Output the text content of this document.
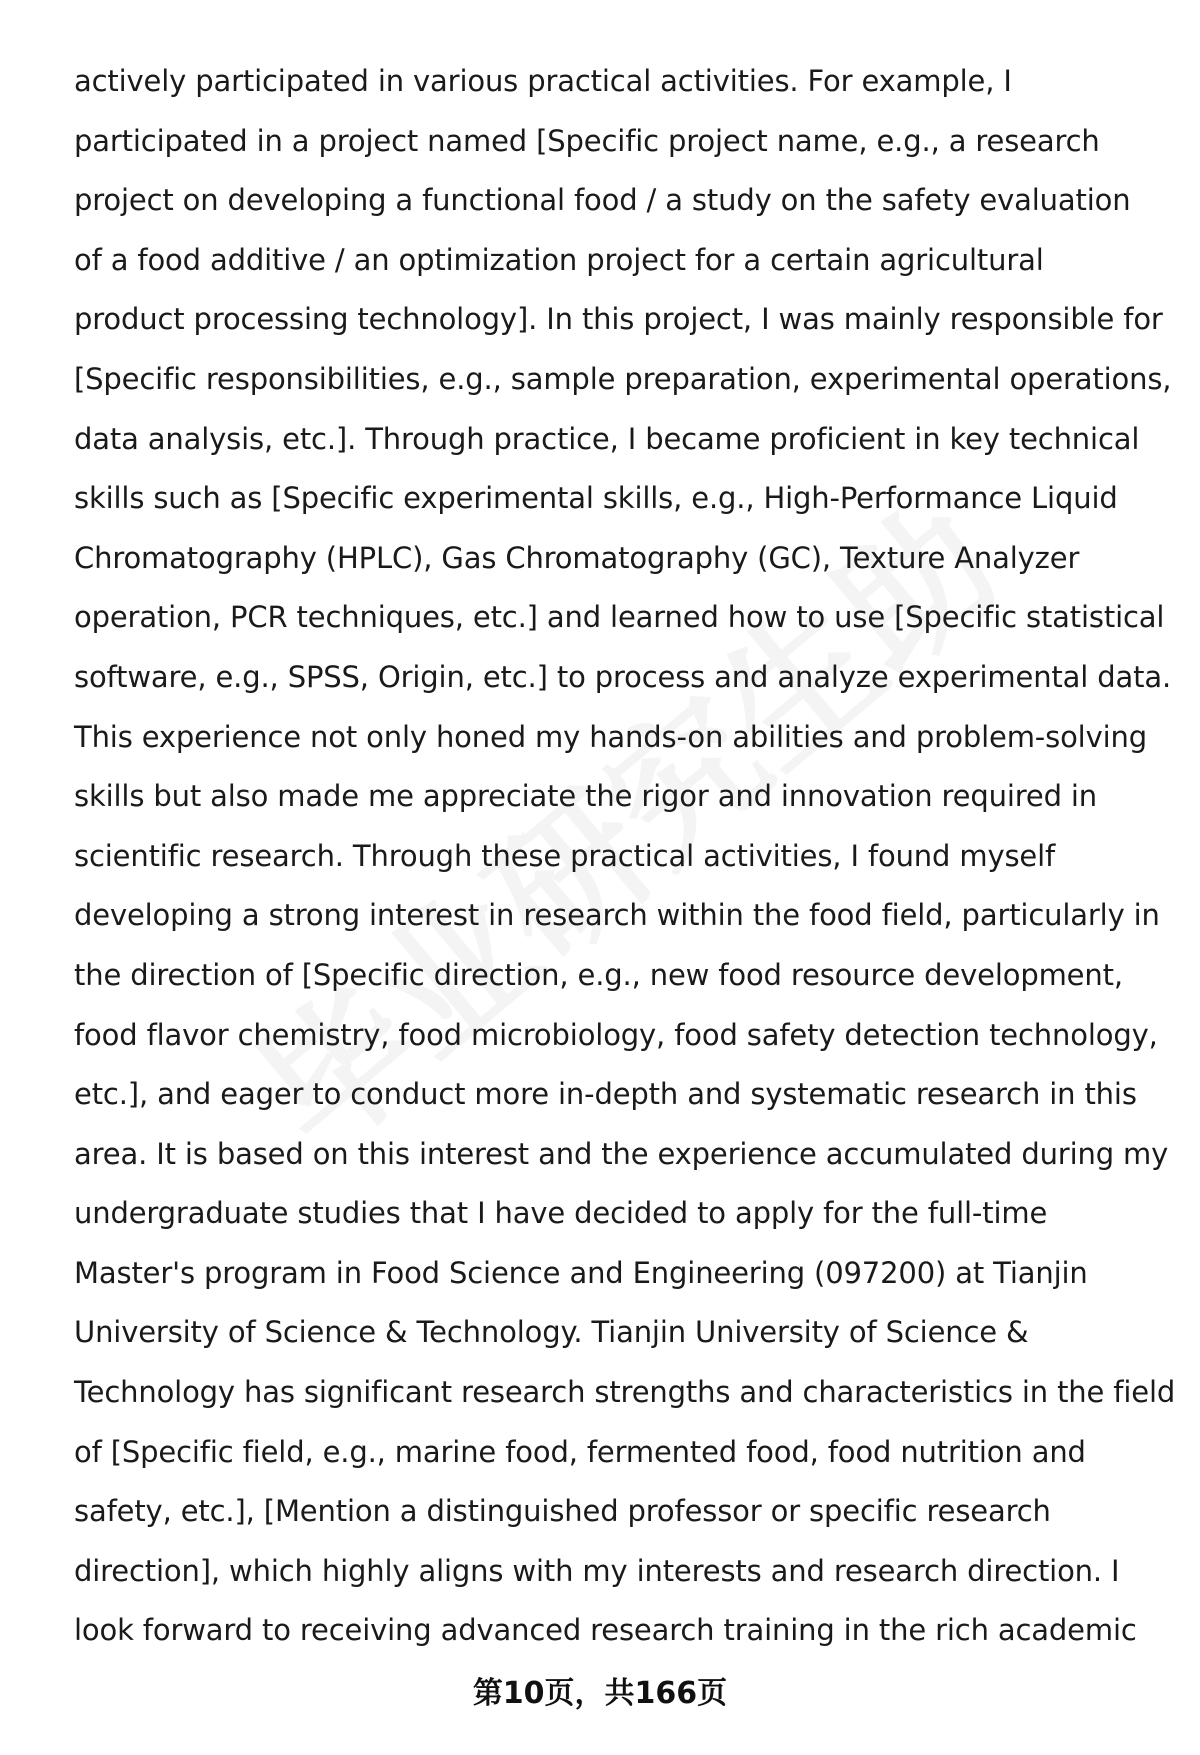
actively participated in various practical activities. For example, I
participated in a project named [Specific project name, e.g., a research
project on developing a functional food / a study on the safety evaluation
of a food additive / an optimization project for a certain agricultural
product processing technology]. In this project, I was mainly responsible for
[Specific responsibilities, e.g., sample preparation, experimental operations,
data analysis, etc.]. Through practice, I became proficient in key technical
skills such as [Specific experimental skills, e.g., High-Performance Liquid
Chromatography (HPLC), Gas Chromatography (GC), Texture Analyzer
operation, PCR techniques, etc.] and learned how to use [Specific statistical
software, e.g., SPSS, Origin, etc.] to process and analyze experimental data.
This experience not only honed my hands-on abilities and problem-solving
skills but also made me appreciate the rigor and innovation required in
scientific research. Through these practical activities, I found myself
developing a strong interest in research within the food field, particularly in
the direction of [Specific direction, e.g., new food resource development,
food flavor chemistry, food microbiology, food safety detection technology,
etc.], and eager to conduct more in-depth and systematic research in this
area. It is based on this interest and the experience accumulated during my
undergraduate studies that I have decided to apply for the full-time
Master's program in Food Science and Engineering (097200) at Tianjin
University of Science & Technology. Tianjin University of Science &
Technology has significant research strengths and characteristics in the field
of [Specific field, e.g., marine food, fermented food, food nutrition and
safety, etc.], [Mention a distinguished professor or specific research
direction], which highly aligns with my interests and research direction. I
look forward to receiving advanced research training in the rich academic
第10页，共166页
